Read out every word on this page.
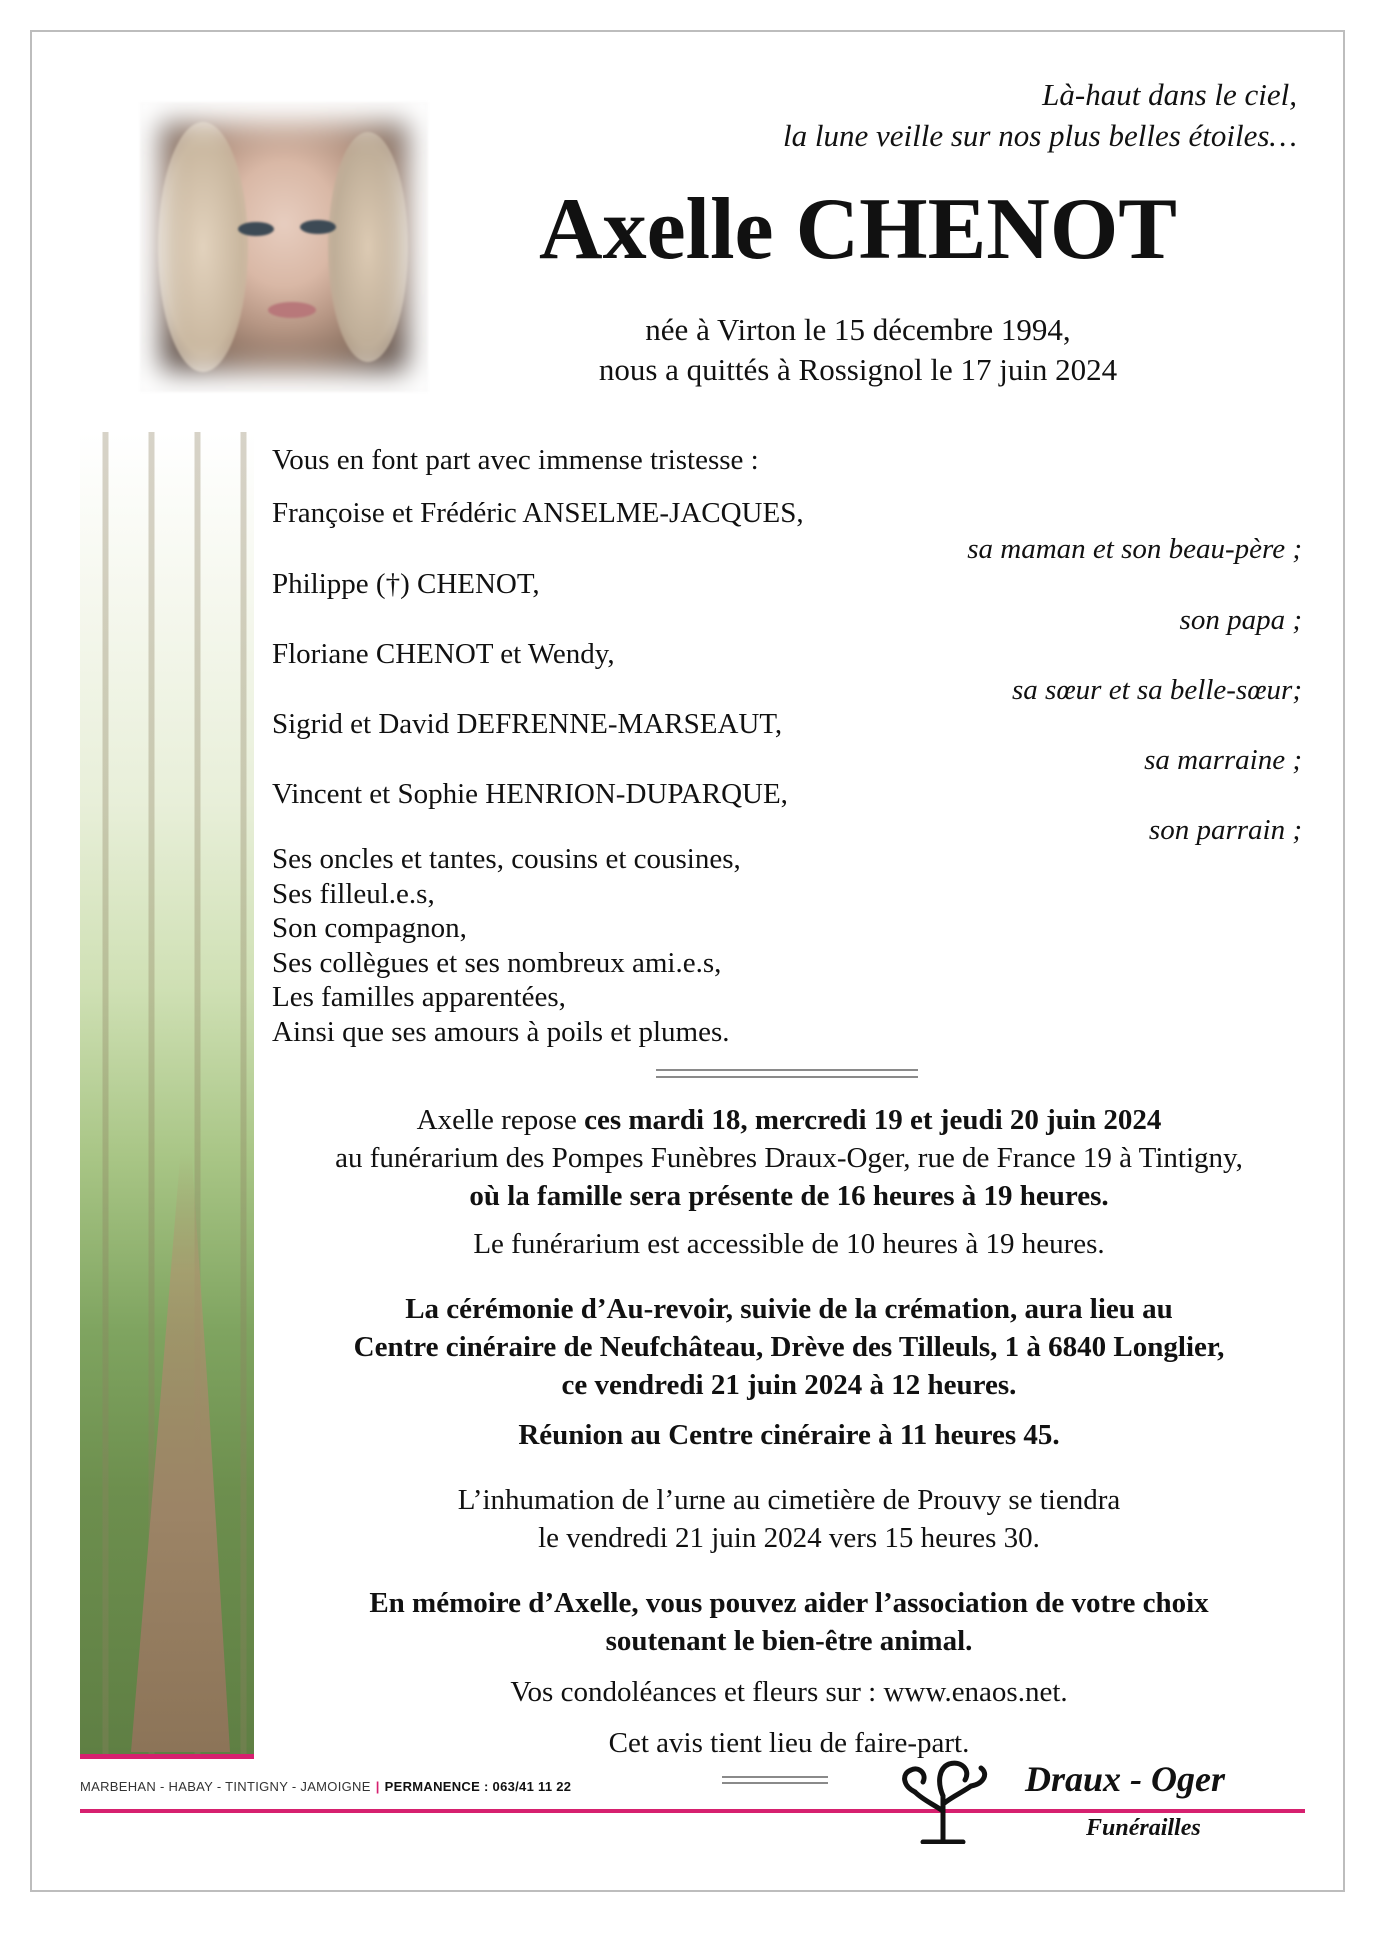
Là-haut dans le ciel,
la lune veille sur nos plus belles étoiles…
Axelle CHENOT
née à Virton le 15 décembre 1994,
nous a quittés à Rossignol le 17 juin 2024
Vous en font part avec immense tristesse :
Françoise et Frédéric ANSELME-JACQUES,
sa maman et son beau-père ;
Philippe (†) CHENOT,
son papa ;
Floriane CHENOT et Wendy,
sa sœur et sa belle-sœur;
Sigrid et David DEFRENNE-MARSEAUT,
sa marraine ;
Vincent et Sophie HENRION-DUPARQUE,
son parrain ;
Ses oncles et tantes, cousins et cousines,
Ses filleul.e.s,
Son compagnon,
Ses collègues et ses nombreux ami.e.s,
Les familles apparentées,
Ainsi que ses amours à poils et plumes.
Axelle repose ces mardi 18, mercredi 19 et jeudi 20 juin 2024
au funérarium des Pompes Funèbres Draux-Oger, rue de France 19 à Tintigny,
où la famille sera présente de 16 heures à 19 heures.
Le funérarium est accessible de 10 heures à 19 heures.
La cérémonie d’Au-revoir, suivie de la crémation, aura lieu au
Centre cinéraire de Neufchâteau, Drève des Tilleuls, 1 à 6840 Longlier,
ce vendredi 21 juin 2024 à 12 heures.
Réunion au Centre cinéraire à 11 heures 45.
L’inhumation de l’urne au cimetière de Prouvy se tiendra
le vendredi 21 juin 2024 vers 15 heures 30.
En mémoire d’Axelle, vous pouvez aider l’association de votre choix
soutenant le bien-être animal.
Vos condoléances et fleurs sur : www.enaos.net.
Cet avis tient lieu de faire-part.
MARBEHAN - HABAY - TINTIGNY - JAMOIGNE | PERMANENCE : 063/41 11 22	Draux - Oger
Funérailles
